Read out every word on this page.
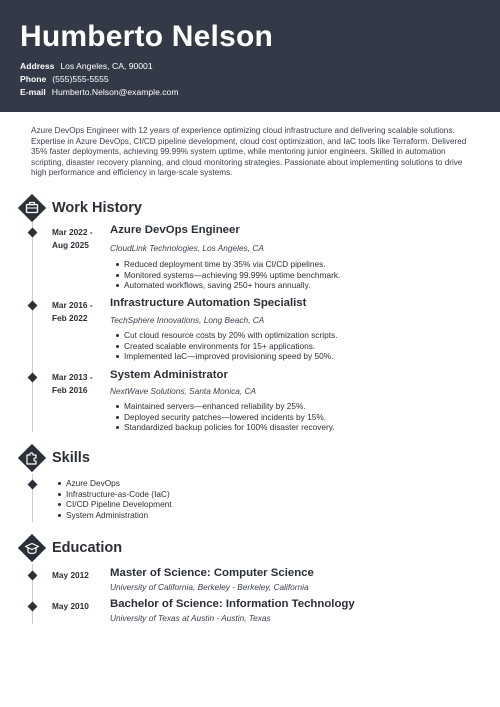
Humberto Nelson
Address Los Angeles, CA, 90001
Phone (555)555-5555
E-mail Humberto.Nelson@example.com
Azure DevOps Engineer with 12 years of experience optimizing cloud infrastructure and delivering scalable solutions. Expertise in Azure DevOps, CI/CD pipeline development, cloud cost optimization, and IaC tools like Terraform. Delivered 35% faster deployments, achieving 99.99% system uptime, while mentoring junior engineers. Skilled in automation scripting, disaster recovery planning, and cloud monitoring strategies. Passionate about implementing solutions to drive high performance and efficiency in large-scale systems.
Work History
Mar 2022 -
Aug 2025
Azure DevOps Engineer
CloudLink Technologies, Los Angeles, CA
Reduced deployment time by 35% via CI/CD pipelines.
Monitored systems—achieving 99.99% uptime benchmark.
Automated workflows, saving 250+ hours annually.
Mar 2016 -
Feb 2022
Infrastructure Automation Specialist
TechSphere Innovations, Long Beach, CA
Cut cloud resource costs by 20% with optimization scripts.
Created scalable environments for 15+ applications.
Implemented IaC—improved provisioning speed by 50%.
Mar 2013 -
Feb 2016
System Administrator
NextWave Solutions, Santa Monica, CA
Maintained servers—enhanced reliability by 25%.
Deployed security patches—lowered incidents by 15%.
Standardized backup policies for 100% disaster recovery.
Skills
Azure DevOps
Infrastructure-as-Code (IaC)
CI/CD Pipeline Development
System Administration
Education
May 2012 Master of Science: Computer Science
University of California, Berkeley - Berkeley, California
May 2010 Bachelor of Science: Information Technology
University of Texas at Austin - Austin, Texas
